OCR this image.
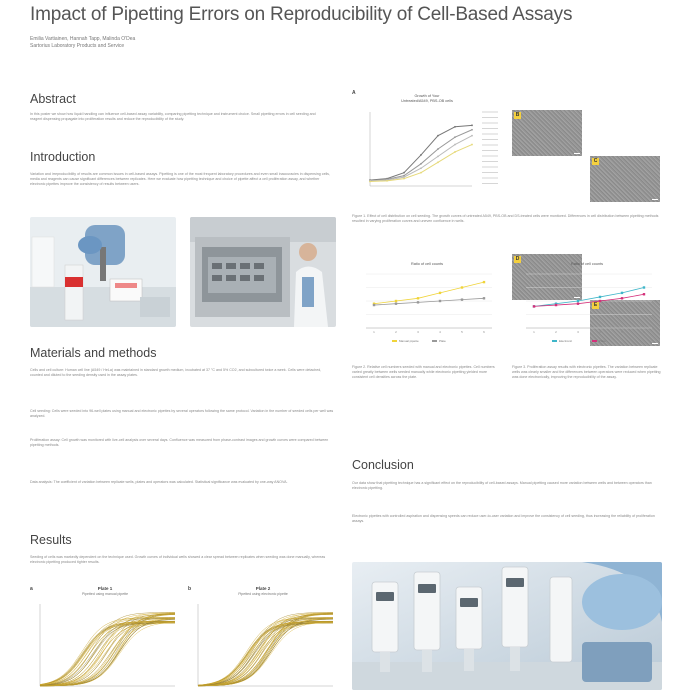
Impact of Pipetting Errors on Reproducibility of Cell-Based Assays
Emilia Vartiainen, Hannah Tapp, Malinda O'Dea
Sartorius Laboratory Products and Service
Abstract
In this poster we show how liquid handling can influence cell-based assay variability, comparing pipetting technique and instrument choice. Small pipetting errors in cell seeding and reagent dispensing propagate into proliferation results and reduce the reproducibility of the study.
Introduction
Variation and irreproducibility of results are common issues in cell-based assays. Pipetting is one of the most frequent laboratory procedures and even small inaccuracies in dispensing cells, media and reagents can cause significant differences between replicates. Here we evaluate how pipetting technique and choice of pipette affect a cell proliferation assay, and whether electronic pipettes improve the consistency of results between users.
Materials and methods
Cells and cell culture: Human cell line (A549 / HeLa) was maintained in standard growth medium, incubated at 37 °C and 5% CO2, and subcultured twice a week. Cells were detached, counted and diluted to the seeding density used in the assay plates.
Cell seeding: Cells were seeded into 96-well plates using manual and electronic pipettes by several operators following the same protocol. Variation in the number of seeded cells per well was analyzed.
Proliferation assay: Cell growth was monitored with live-cell analysis over several days. Confluence was measured from phase-contrast images and growth curves were compared between pipetting methods.
Data analysis: The coefficient of variation between replicate wells, plates and operators was calculated. Statistical significance was evaluated by one-way ANOVA.
Results
Seeding of cells was markedly dependent on the technique used. Growth curves of individual wells showed a clear spread between replicates when seeding was done manually, whereas electronic pipetting produced tighter results.
a	Plate 1
Pipetted using manual pipette
b	Plate 2
Pipetted using electronic pipette
A	Growth of Your
Untreated/A549, PBS-OB cells
B
C
D
E
Figure 1. Effect of cell distribution on cell seeding. The growth curves of untreated A549, PBS-OB and DS-treated cells were monitored. Differences in cell distribution between pipetting methods resulted in varying proliferation curves and uneven confluence in wells.
Ratio of cell counts
1	2	3	4	5	6
Manual pipette	Plate
Ratio of cell counts
1	2	3	4	5	6
Electronic	Plate
Figure 2. Relative cell numbers seeded with manual and electronic pipettes. Cell numbers varied greatly between wells seeded manually while electronic pipetting yielded more consistent cell densities across the plate.
Figure 3. Proliferation assay results with electronic pipettes. The variation between replicate wells was clearly smaller and the differences between operators were reduced when pipetting was done electronically, improving the reproducibility of the assay.
Conclusion
Our data show that pipetting technique has a significant effect on the reproducibility of cell-based assays. Manual pipetting caused more variation between wells and between operators than electronic pipetting.
Electronic pipettes with controlled aspiration and dispensing speeds can reduce user-to-user variation and improve the consistency of cell seeding, thus increasing the reliability of proliferation assays.
